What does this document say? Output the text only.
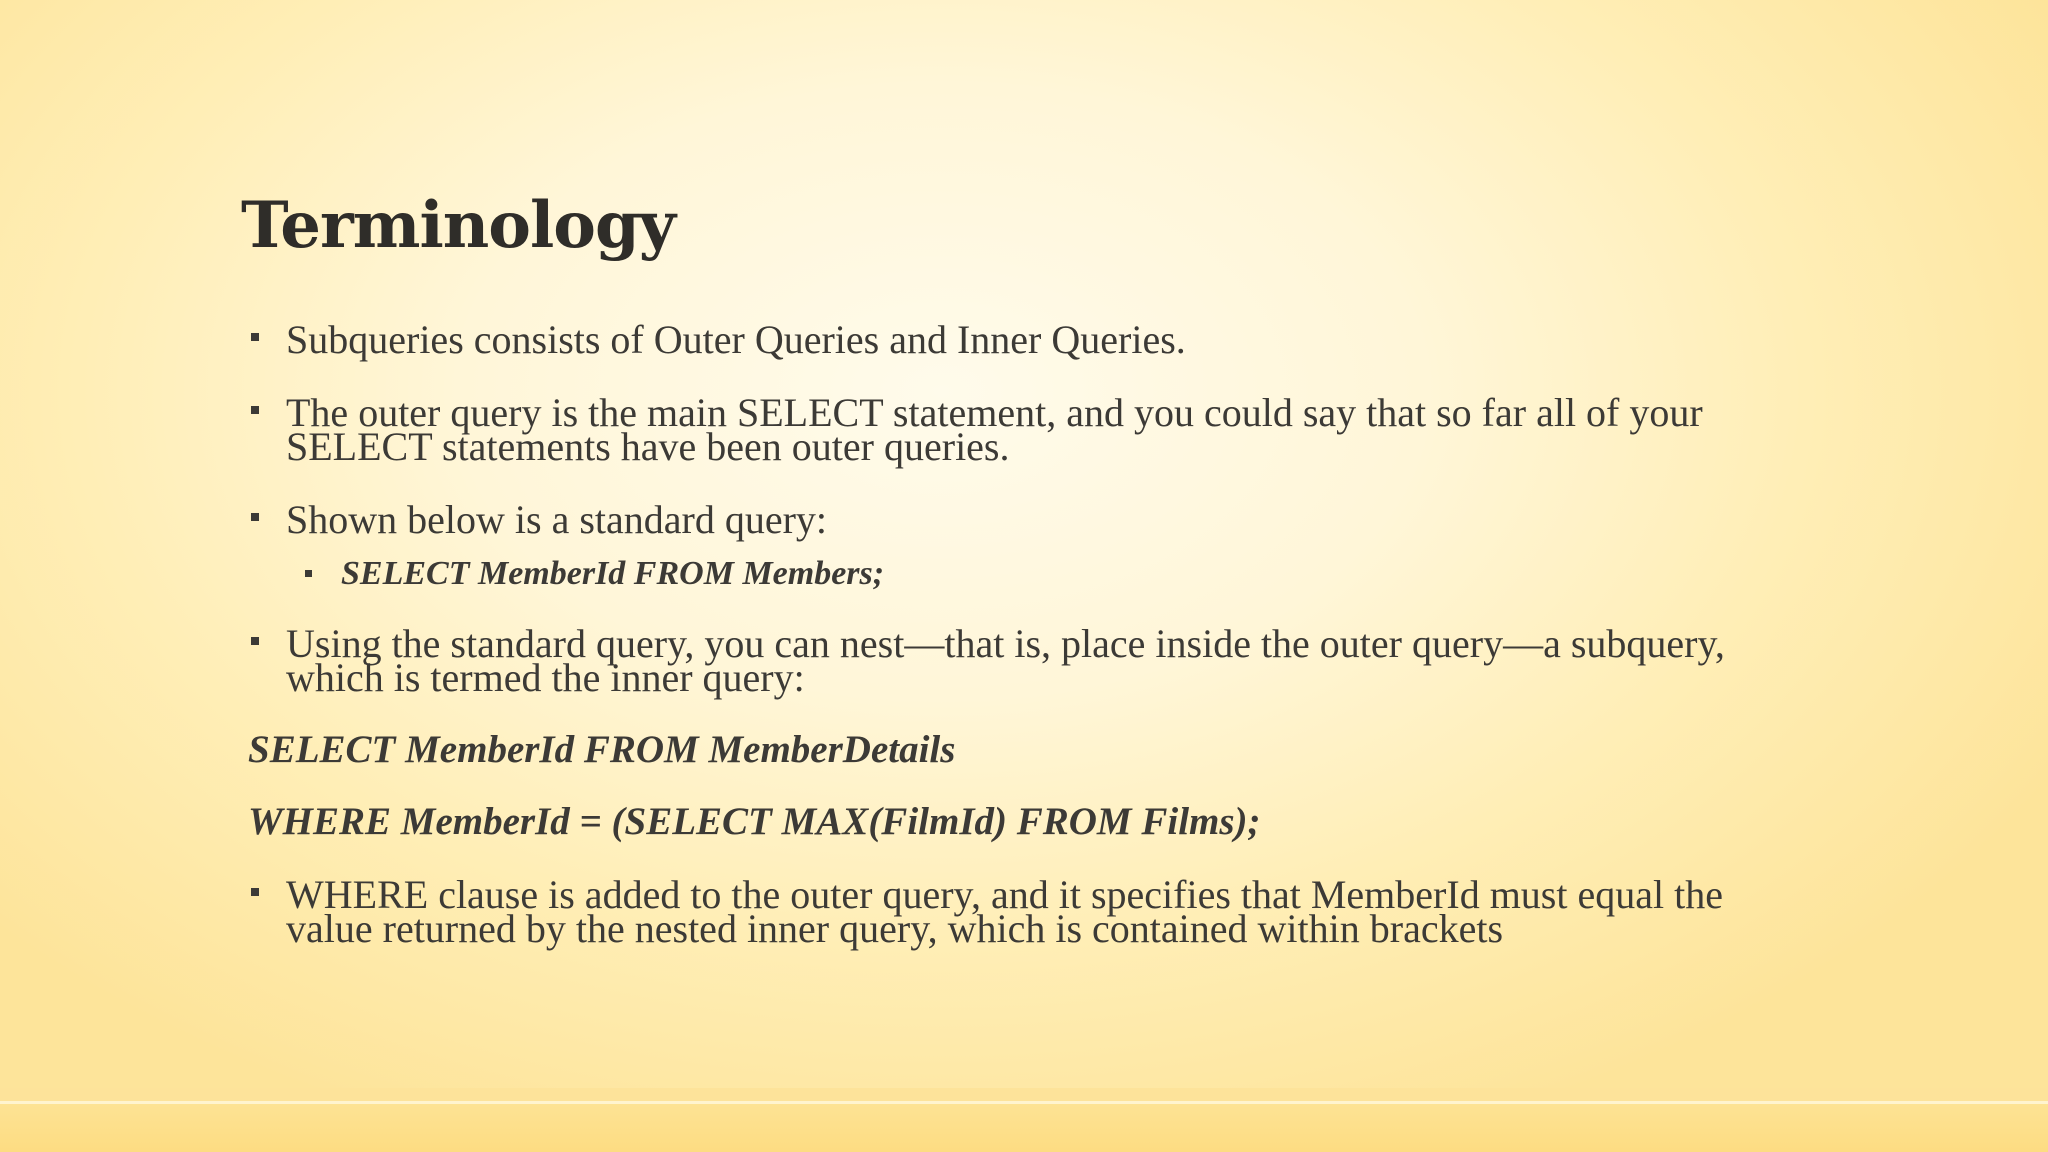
Terminology
Subqueries consists of Outer Queries and Inner Queries.
The outer query is the main SELECT statement, and you could say that so far all of your SELECT statements have been outer queries.
Shown below is a standard query:
SELECT MemberId FROM Members;
Using the standard query, you can nest—that is, place inside the outer query—a subquery, which is termed the inner query:
SELECT MemberId FROM MemberDetails
WHERE MemberId = (SELECT MAX(FilmId) FROM Films);
WHERE clause is added to the outer query, and it specifies that MemberId must equal the value returned by the nested inner query, which is contained within brackets
